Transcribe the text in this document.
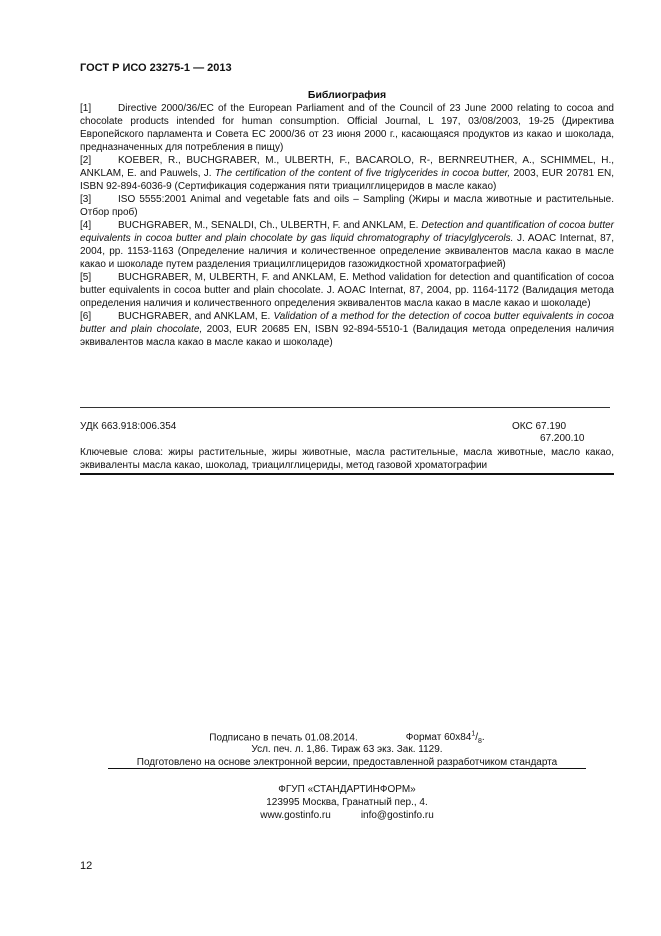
ГОСТ Р ИСО 23275-1 — 2013
Библиография

[1]	Directive 2000/36/EC of the European Parliament and of the Council of 23 June 2000 relating to cocoa and chocolate products intended for human consumption. Official Journal, L 197, 03/08/2003, 19-25 (Директива Европейского парламента и Совета ЕС 2000/36 от 23 июня 2000 г., касающаяся продуктов из какао и шоколада, предназначенных для потребления в пищу)

[2]	KOEBER, R., BUCHGRABER, M., ULBERTH, F., BACAROLO, R-, BERNREUTHER, A., SCHIMMEL, H., ANKLAM, E. and Pauwels, J. The certification of the content of five triglycerides in cocoa butter, 2003, EUR 20781 EN, ISBN 92-894-6036-9 (Сертификация содержания пяти триацилглицеридов в масле какао)

[3]	ISO 5555:2001 Animal and vegetable fats and oils – Sampling (Жиры и масла животные и растительные. Отбор проб)

[4]	BUCHGRABER, M., SENALDI, Ch., ULBERTH, F. and ANKLAM, E. Detection and quantification of cocoa butter equivalents in cocoa butter and plain chocolate by gas liquid chromatography of triacylglycerols. J. AOAC Internat, 87, 2004, pp. 1153-1163 (Определение наличия и количественное определение эквивалентов масла какао в масле какао и шоколаде путем разделения триацилглицеридов газожидкостной хроматографией)

[5]	BUCHGRABER, M, ULBERTH, F. and ANKLAM, E. Method validation for detection and quantification of cocoa butter equivalents in cocoa butter and plain chocolate. J. AOAC Internat, 87, 2004, pp. 1164-1172 (Валидация метода определения наличия и количественного определения эквивалентов масла какао в масле какао и шоколаде)

[6]	BUCHGRABER, and ANKLAM, E. Validation of a method for the detection of cocoa butter equivalents in cocoa butter and plain chocolate, 2003, EUR 20685 EN, ISBN 92-894-5510-1 (Валидация метода определения наличия эквивалентов масла какао в масле какао и шоколаде)

УДК 663.918:006.354	ОКС 67.190
67.200.10
Ключевые слова: жиры растительные, жиры животные, масла растительные, масла животные, масло какао, эквиваленты масла какао, шоколад, триацилглицериды, метод газовой хроматографии
Подписано в печать 01.08.2014.	Формат $60x84^1/_8$.
Усл. печ. л. 1,86. Тираж 63 экз. Зак. 1129.
Подготовлено на основе электронной версии, предоставленной разработчиком стандарта
ФГУП «СТАНДАРТИНФОРМ»
123995 Москва, Гранатный пер., 4.
www.gostinfo.ru	info@gostinfo.ru
12
